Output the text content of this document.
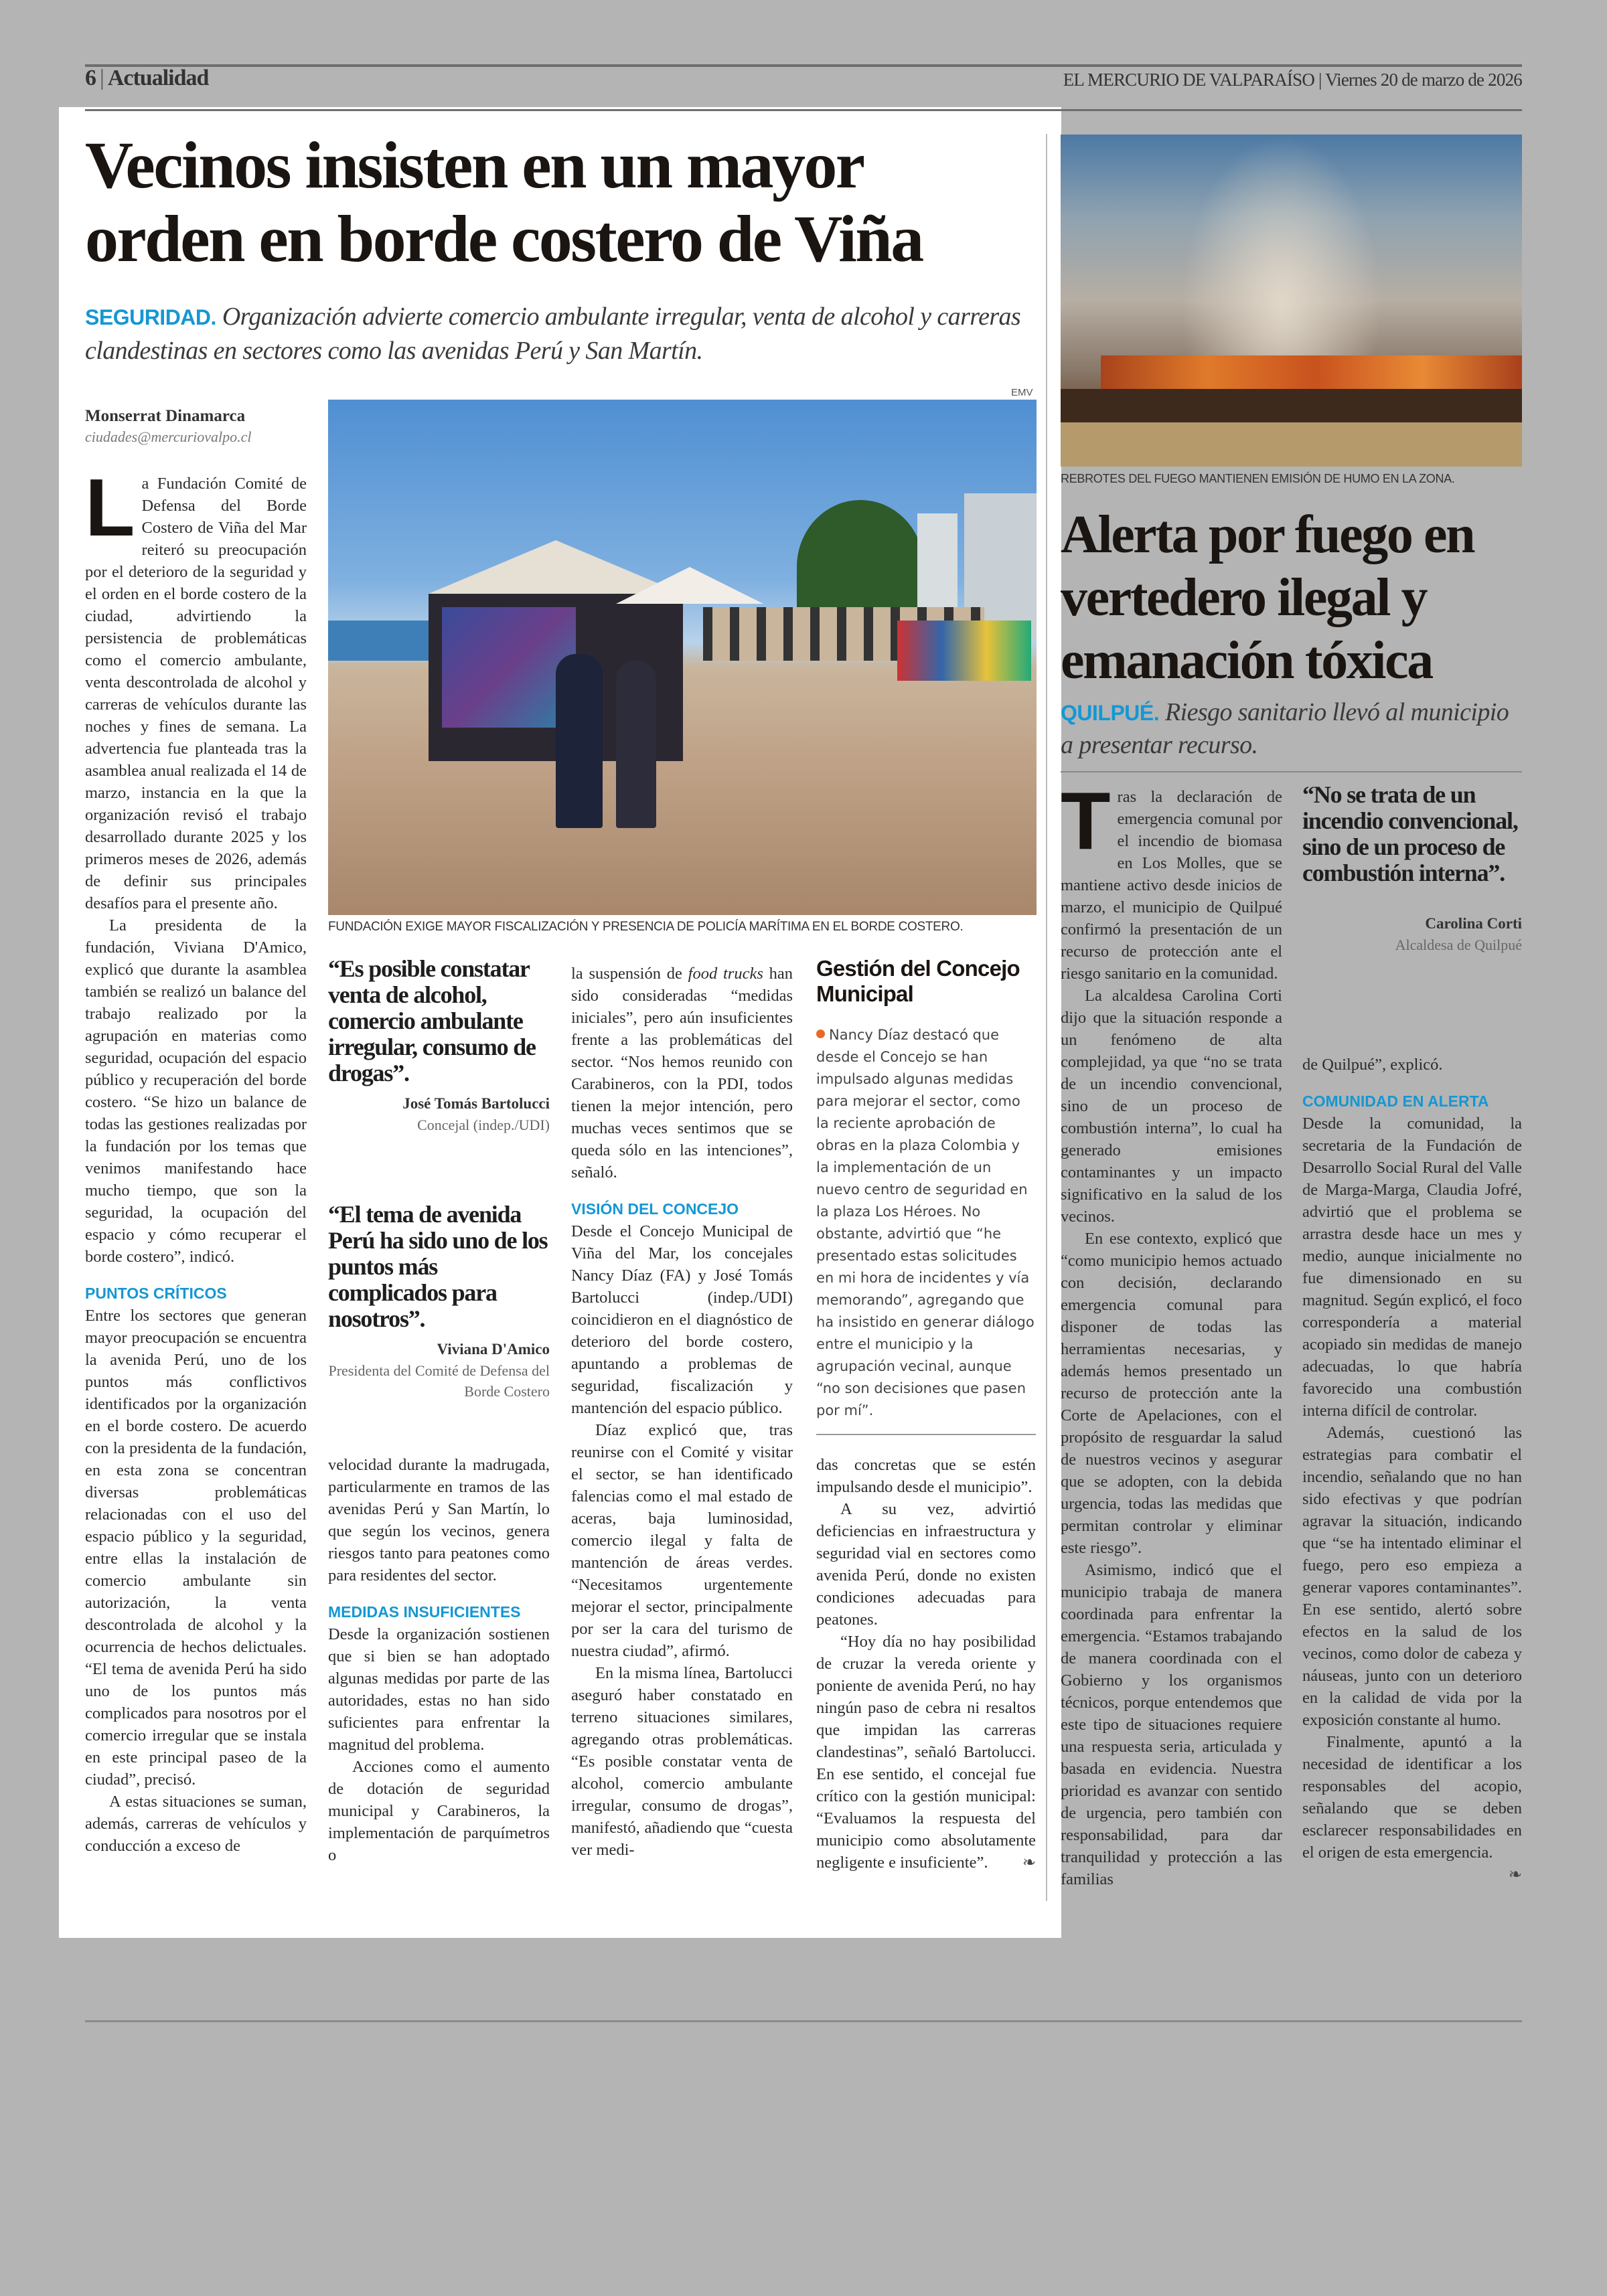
6 | Actualidad	EL MERCURIO DE VALPARAÍSO | Viernes 20 de marzo de 2026
Vecinos insisten en un mayor
orden en borde costero de Viña
SEGURIDAD. Organización advierte comercio ambulante irregular, venta de alcohol y carreras clandestinas en sectores como las avenidas Perú y San Martín.
Monserrat Dinamarca
ciudades@mercuriovalpo.cl
EMV
FUNDACIÓN EXIGE MAYOR FISCALIZACIÓN Y PRESENCIA DE POLICÍA MARÍTIMA EN EL BORDE COSTERO.
L a Fundación Comité de Defensa del Borde Costero de Viña del Mar reiteró su preocupación por el deterioro de la seguridad y el orden en el borde costero de la ciudad, advirtiendo la persistencia de problemáticas como el comercio ambulante, venta descontrolada de alcohol y carreras de vehículos durante las noches y fines de semana. La advertencia fue planteada tras la asamblea anual realizada el 14 de marzo, instancia en la que la organización revisó el trabajo desarrollado durante 2025 y los primeros meses de 2026, además de definir sus principales desafíos para el presente año.

La presidenta de la fundación, Viviana D'Amico, explicó que durante la asamblea también se realizó un balance del trabajo realizado por la agrupación en materias como seguridad, ocupación del espacio público y recuperación del borde costero. “Se hizo un balance de todas las gestiones realizadas por la fundación por los temas que venimos manifestando hace mucho tiempo, que son la seguridad, la ocupación del espacio y cómo recuperar el borde costero”, indicó.

PUNTOS CRÍTICOS

Entre los sectores que generan mayor preocupación se encuentra la avenida Perú, uno de los puntos más conflictivos identificados por la organización en el borde costero. De acuerdo con la presidenta de la fundación, en esta zona se concentran diversas problemáticas relacionadas con el uso del espacio público y la seguridad, entre ellas la instalación de comercio ambulante sin autorización, la venta descontrolada de alcohol y la ocurrencia de hechos delictuales. “El tema de avenida Perú ha sido uno de los puntos más complicados para nosotros por el comercio irregular que se instala en este principal paseo de la ciudad”, precisó.

A estas situaciones se suman, además, carreras de vehículos y conducción a exceso de

“Es posible constatar venta de alcohol, comercio ambulante irregular, consumo de drogas”.
José Tomás Bartolucci
Concejal (indep./UDI)
“El tema de avenida Perú ha sido uno de los puntos más complicados para nosotros”.
Viviana D'Amico
Presidenta del Comité de Defensa del Borde Costero

velocidad durante la madrugada, particularmente en tramos de las avenidas Perú y San Martín, lo que según los vecinos, genera riesgos tanto para peatones como para residentes del sector.

MEDIDAS INSUFICIENTES

Desde la organización sostienen que si bien se han adoptado algunas medidas por parte de las autoridades, estas no han sido suficientes para enfrentar la magnitud del problema.

Acciones como el aumento de dotación de seguridad municipal y Carabineros, la implementación de parquímetros o

la suspensión de food trucks han sido consideradas “medidas iniciales”, pero aún insuficientes frente a las problemáticas del sector. “Nos hemos reunido con Carabineros, con la PDI, todos tienen la mejor intención, pero muchas veces sentimos que se queda sólo en las intenciones”, señaló.

VISIÓN DEL CONCEJO

Desde el Concejo Municipal de Viña del Mar, los concejales Nancy Díaz (FA) y José Tomás Bartolucci (indep./UDI) coincidieron en el diagnóstico de deterioro del borde costero, apuntando a problemas de seguridad, fiscalización y mantención del espacio público.

Díaz explicó que, tras reunirse con el Comité y visitar el sector, se han identificado falencias como el mal estado de aceras, baja luminosidad, comercio ilegal y falta de mantención de áreas verdes. “Necesitamos urgentemente mejorar el sector, principalmente por ser la cara del turismo de nuestra ciudad”, afirmó.

En la misma línea, Bartolucci aseguró haber constatado en terreno situaciones similares, agregando otras problemáticas. “Es posible constatar venta de alcohol, comercio ambulante irregular, consumo de drogas”, manifestó, añadiendo que “cuesta ver medi-

Gestión del Concejo Municipal
Nancy Díaz destacó que desde el Concejo se han impulsado algunas medidas para mejorar el sector, como la reciente aprobación de obras en la plaza Colombia y la implementación de un nuevo centro de seguridad en la plaza Los Héroes. No obstante, advirtió que “he presentado estas solicitudes en mi hora de incidentes y vía memorando”, agregando que ha insistido en generar diálogo entre el municipio y la agrupación vecinal, aunque “no son decisiones que pasen por mí”.

das concretas que se estén impulsando desde el municipio”.

A su vez, advirtió deficiencias en infraestructura y seguridad vial en sectores como avenida Perú, donde no existen condiciones adecuadas para peatones.

“Hoy día no hay posibilidad de cruzar la vereda oriente y poniente de avenida Perú, no hay ningún paso de cebra ni resaltos que impidan las carreras clandestinas”, señaló Bartolucci. En ese sentido, el concejal fue crítico con la gestión municipal: “Evaluamos la respuesta del municipio como absolutamente negligente e insuficiente”.	❧

REBROTES DEL FUEGO MANTIENEN EMISIÓN DE HUMO EN LA ZONA.
Alerta por fuego en
vertedero ilegal y
emanación tóxica
QUILPUÉ. Riesgo sanitario llevó al municipio a presentar recurso.
T ras la declaración de emergencia comunal por el incendio de biomasa en Los Molles, que se mantiene activo desde inicios de marzo, el municipio de Quilpué confirmó la presentación de un recurso de protección ante el riesgo sanitario en la comunidad.

La alcaldesa Carolina Corti dijo que la situación responde a un fenómeno de alta complejidad, ya que “no se trata de un incendio convencional, sino de un proceso de combustión interna”, lo cual ha generado emisiones contaminantes y un impacto significativo en la salud de los vecinos.

En ese contexto, explicó que “como municipio hemos actuado con decisión, declarando emergencia comunal para disponer de todas las herramientas necesarias, y además hemos presentado un recurso de protección ante la Corte de Apelaciones, con el propósito de resguardar la salud de nuestros vecinos y asegurar que se adopten, con la debida urgencia, todas las medidas que permitan controlar y eliminar este riesgo”.

Asimismo, indicó que el municipio trabaja de manera coordinada para enfrentar la emergencia. “Estamos trabajando de manera coordinada con el Gobierno y los organismos técnicos, porque entendemos que este tipo de situaciones requiere una respuesta seria, articulada y basada en evidencia. Nuestra prioridad es avanzar con sentido de urgencia, pero también con responsabilidad, para dar tranquilidad y protección a las familias

“No se trata de un incendio convencional, sino de un proceso de combustión interna”.
Carolina Corti
Alcaldesa de Quilpué

de Quilpué”, explicó.

COMUNIDAD EN ALERTA

Desde la comunidad, la secretaria de la Fundación de Desarrollo Social Rural del Valle de Marga-Marga, Claudia Jofré, advirtió que el problema se arrastra desde hace un mes y medio, aunque inicialmente no fue dimensionado en su magnitud. Según explicó, el foco correspondería a material acopiado sin medidas de manejo adecuadas, lo que habría favorecido una combustión interna difícil de controlar.

Además, cuestionó las estrategias para combatir el incendio, señalando que no han sido efectivas y que podrían agravar la situación, indicando que “se ha intentado eliminar el fuego, pero eso empieza a generar vapores contaminantes”. En ese sentido, alertó sobre efectos en la salud de los vecinos, como dolor de cabeza y náuseas, junto con un deterioro en la calidad de vida por la exposición constante al humo.

Finalmente, apuntó a la necesidad de identificar a los responsables del acopio, señalando que se deben esclarecer responsabilidades en el origen de esta emergencia.
❧
